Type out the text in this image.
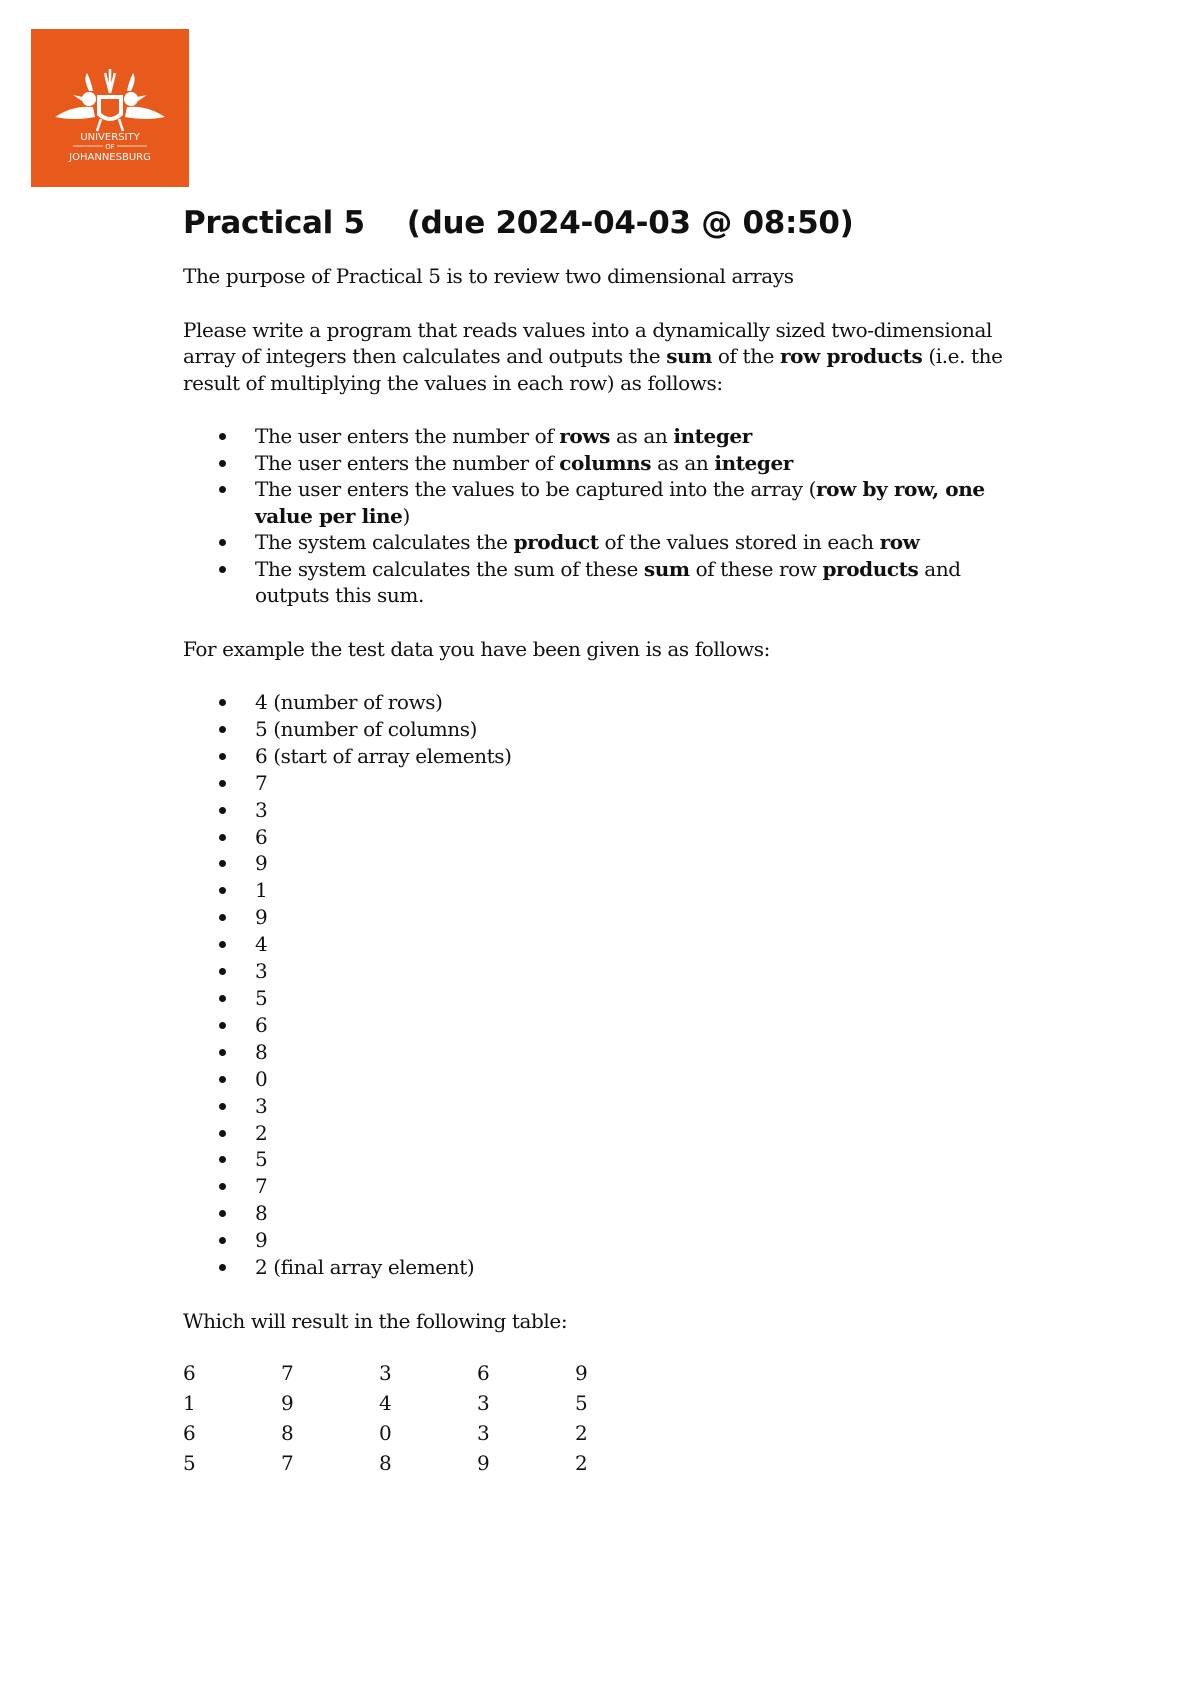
UNIVERSITY
OF
JOHANNESBURG
Practical 5 (due 2024-04-03 @ 08:50)

The purpose of Practical 5 is to review two dimensional arrays

Please write a program that reads values into a dynamically sized two-dimensional array of integers then calculates and outputs the sum of the row products (i.e. the result of multiplying the values in each row) as follows:

The user enters the number of rows as an integer
The user enters the number of columns as an integer
The user enters the values to be captured into the array (row by row, one value per line)
The system calculates the product of the values stored in each row
The system calculates the sum of these sum of these row products and outputs this sum.

For example the test data you have been given is as follows:

4 (number of rows)
5 (number of columns)
6 (start of array elements)
7
3
6
9
1
9
4
3
5
6
8
0
3
2
5
7
8
9
2 (final array element)

Which will result in the following table:

6	7	3	6	9
1	9	4	3	5
6	8	0	3	2
5	7	8	9	2
